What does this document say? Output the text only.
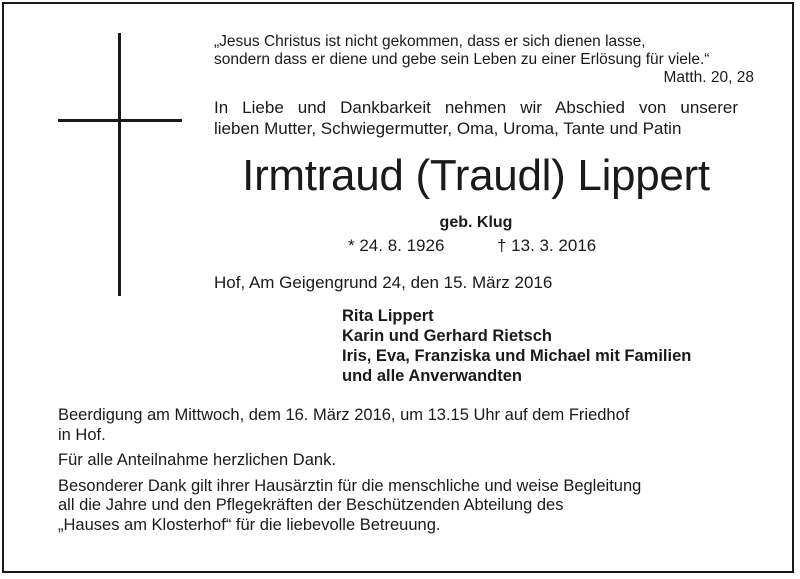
„Jesus Christus ist nicht gekommen, dass er sich dienen lasse,
sondern dass er diene und gebe sein Leben zu einer Erlösung für viele.“
Matth. 20, 28
In Liebe und Dankbarkeit nehmen wir Abschied von unserer
lieben Mutter, Schwiegermutter, Oma, Uroma, Tante und Patin
Irmtraud (Traudl) Lippert
geb. Klug
* 24. 8. 1926	† 13. 3. 2016
Hof, Am Geigengrund 24, den 15. März 2016
Rita Lippert
Karin und Gerhard Rietsch
Iris, Eva, Franziska und Michael mit Familien
und alle Anverwandten

Beerdigung am Mittwoch, dem 16. März 2016, um 13.15 Uhr auf dem Friedhof

in Hof.

Für alle Anteilnahme herzlichen Dank.

Besonderer Dank gilt ihrer Hausärztin für die menschliche und weise Begleitung

all die Jahre und den Pflegekräften der Beschützenden Abteilung des

„Hauses am Klosterhof“ für die liebevolle Betreuung.
